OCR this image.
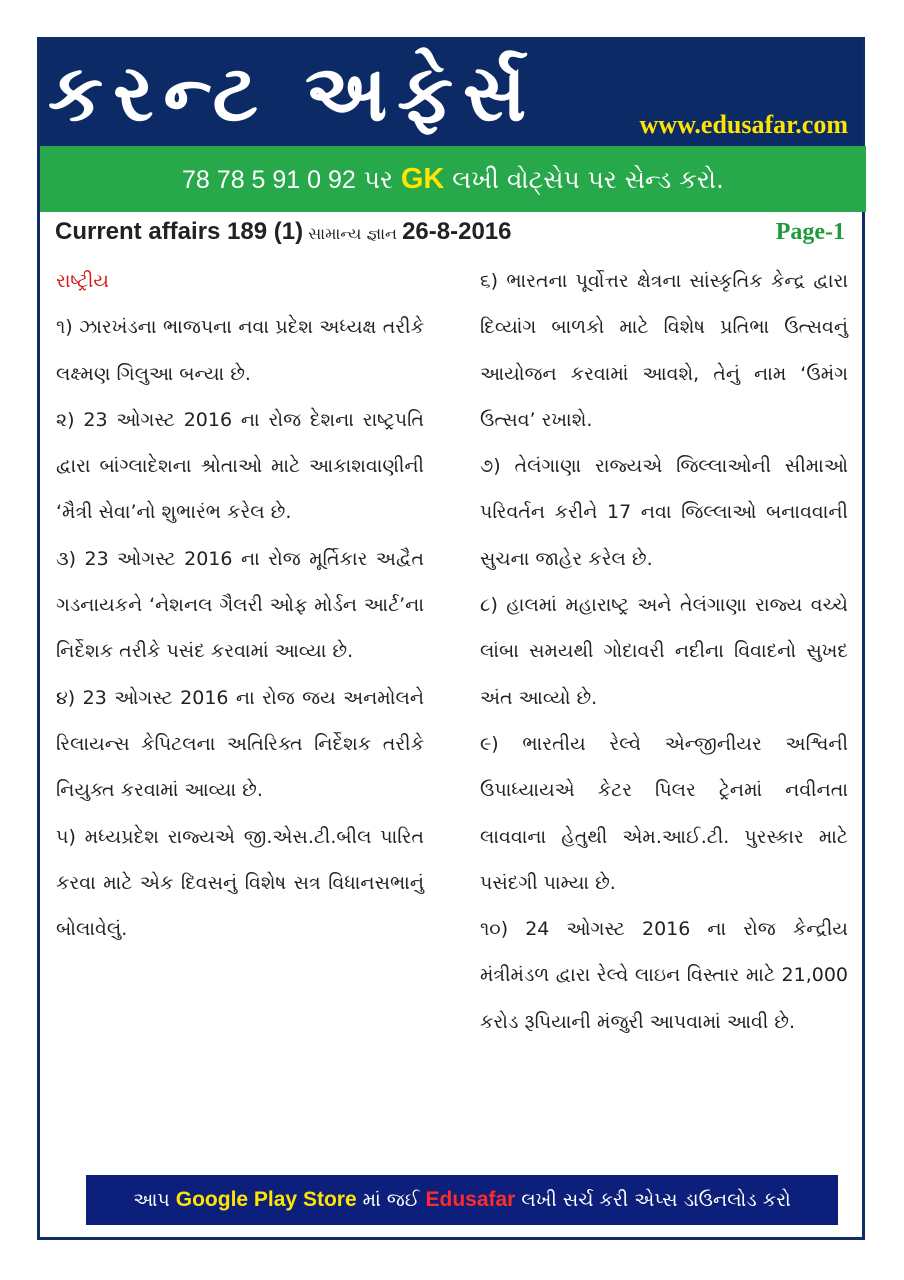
કરન્ટ અફેર્સ	www.edusafar.com
78 78 5 91 0 92 પર GK લખી વોટ્સેપ પર સેન્ડ કરો.
Current affairs 189 (1) સામાન્ય જ્ઞાન 26-8-2016	Page-1

રાષ્ટ્રીય

૧) ઝારખંડના ભાજપના નવા પ્રદેશ અધ્યક્ષ તરીકે લક્ષ્મણ ગિલુઆ બન્યા છે.

૨) 23 ઓગસ્ટ 2016 ના રોજ દેશના રાષ્ટ્રપતિ દ્વારા બાંગ્લાદેશના શ્રોતાઓ માટે આકાશવાણીની ‘મૈત્રી સેવા’નો શુભારંભ કરેલ છે.

૩) 23 ઓગસ્ટ 2016 ના રોજ મૂર્તિકાર અદ્વૈત ગડનાયકને ‘નેશનલ ગૈલરી ઓફ મોર્ડન આર્ટ’ના નિર્દેશક તરીકે પસંદ કરવામાં આવ્યા છે.

૪) 23 ઓગસ્ટ 2016 ના રોજ જય અનમોલને રિલાયન્સ કેપિટલના અતિરિક્ત નિર્દેશક તરીકે નિયુક્ત કરવામાં આવ્યા છે.

૫) મધ્યપ્રદેશ રાજ્યએ જી.એસ.ટી.બીલ પારિત કરવા માટે એક દિવસનું વિશેષ સત્ર વિધાનસભાનું બોલાવેલું.

૬) ભારતના પૂર્વોત્તર ક્ષેત્રના સાંસ્કૃતિક કેન્દ્ર દ્વારા દિવ્યાંગ બાળકો માટે વિશેષ પ્રતિભા ઉત્સવનું આયોજન કરવામાં આવશે, તેનું નામ ‘ઉમંગ ઉત્સવ’ રખાશે.

૭) તેલંગાણા રાજ્યએ જિલ્લાઓની સીમાઓ પરિવર્તન કરીને 17 નવા જિલ્લાઓ બનાવવાની સુચના જાહેર કરેલ છે.

૮) હાલમાં મહારાષ્ટ્ર અને તેલંગાણા રાજ્ય વચ્ચે લાંબા સમયથી ગોદાવરી નદીના વિવાદનો સુખદ અંત આવ્યો છે.

૯) ભારતીય રેલ્વે એન્જીનીયર અશ્વિની ઉપાધ્યાયએ કેટર પિલર ટ્રેનમાં નવીનતા લાવવાના હેતુથી એમ.આઈ.ટી. પુરસ્કાર માટે પસંદગી પામ્યા છે.

૧૦) 24 ઓગસ્ટ 2016 ના રોજ કેન્દ્રીય મંત્રીમંડળ દ્વારા રેલ્વે લાઇન વિસ્તાર માટે 21,000 કરોડ રૂપિયાની મંજુરી આપવામાં આવી છે.

આપ Google Play Store માં જઈ Edusafar લખી સર્ચ કરી એપ્સ ડાઉનલોડ કરો
